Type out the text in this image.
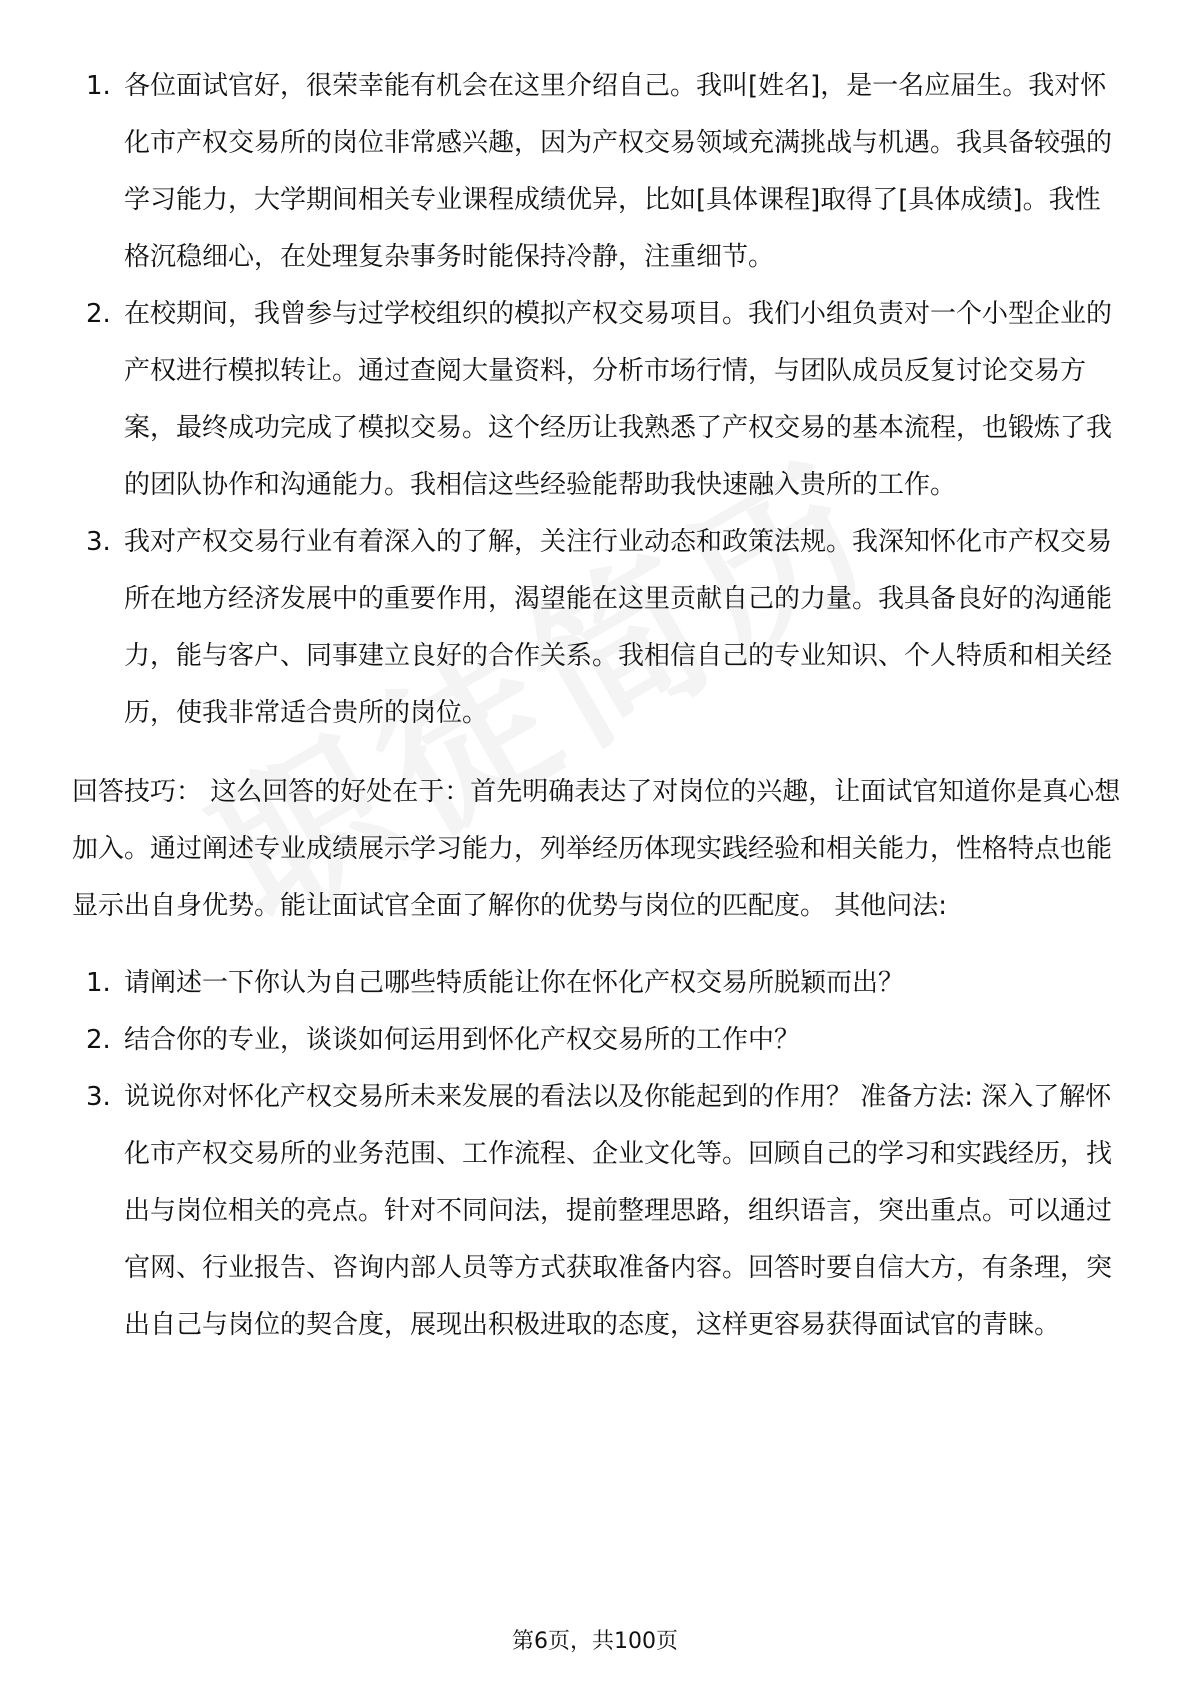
1. 各位面试官好，很荣幸能有机会在这里介绍自己。我叫[姓名]，是一名应届生。我对怀化市产权交易所的岗位非常感兴趣，因为产权交易领域充满挑战与机遇。我具备较强的学习能力，大学期间相关专业课程成绩优异，比如[具体课程]取得了[具体成绩]。我性格沉稳细心，在处理复杂事务时能保持冷静，注重细节。
2. 在校期间，我曾参与过学校组织的模拟产权交易项目。我们小组负责对一个小型企业的产权进行模拟转让。通过查阅大量资料，分析市场行情，与团队成员反复讨论交易方案，最终成功完成了模拟交易。这个经历让我熟悉了产权交易的基本流程，也锻炼了我的团队协作和沟通能力。我相信这些经验能帮助我快速融入贵所的工作。
3. 我对产权交易行业有着深入的了解，关注行业动态和政策法规。我深知怀化市产权交易所在地方经济发展中的重要作用，渴望能在这里贡献自己的力量。我具备良好的沟通能力，能与客户、同事建立良好的合作关系。我相信自己的专业知识、个人特质和相关经历，使我非常适合贵所的岗位。

回答技巧： 这么回答的好处在于：首先明确表达了对岗位的兴趣，让面试官知道你是真心想加入。通过阐述专业成绩展示学习能力，列举经历体现实践经验和相关能力，性格特点也能显示出自身优势。能让面试官全面了解你的优势与岗位的匹配度。 其他问法:

1. 请阐述一下你认为自己哪些特质能让你在怀化产权交易所脱颖而出？
2. 结合你的专业，谈谈如何运用到怀化产权交易所的工作中？
3. 说说你对怀化产权交易所未来发展的看法以及你能起到的作用？ 准备方法: 深入了解怀化市产权交易所的业务范围、工作流程、企业文化等。回顾自己的学习和实践经历，找出与岗位相关的亮点。针对不同问法，提前整理思路，组织语言，突出重点。可以通过官网、行业报告、咨询内部人员等方式获取准备内容。回答时要自信大方，有条理，突出自己与岗位的契合度，展现出积极进取的态度，这样更容易获得面试官的青睐。
第6页，共100页
